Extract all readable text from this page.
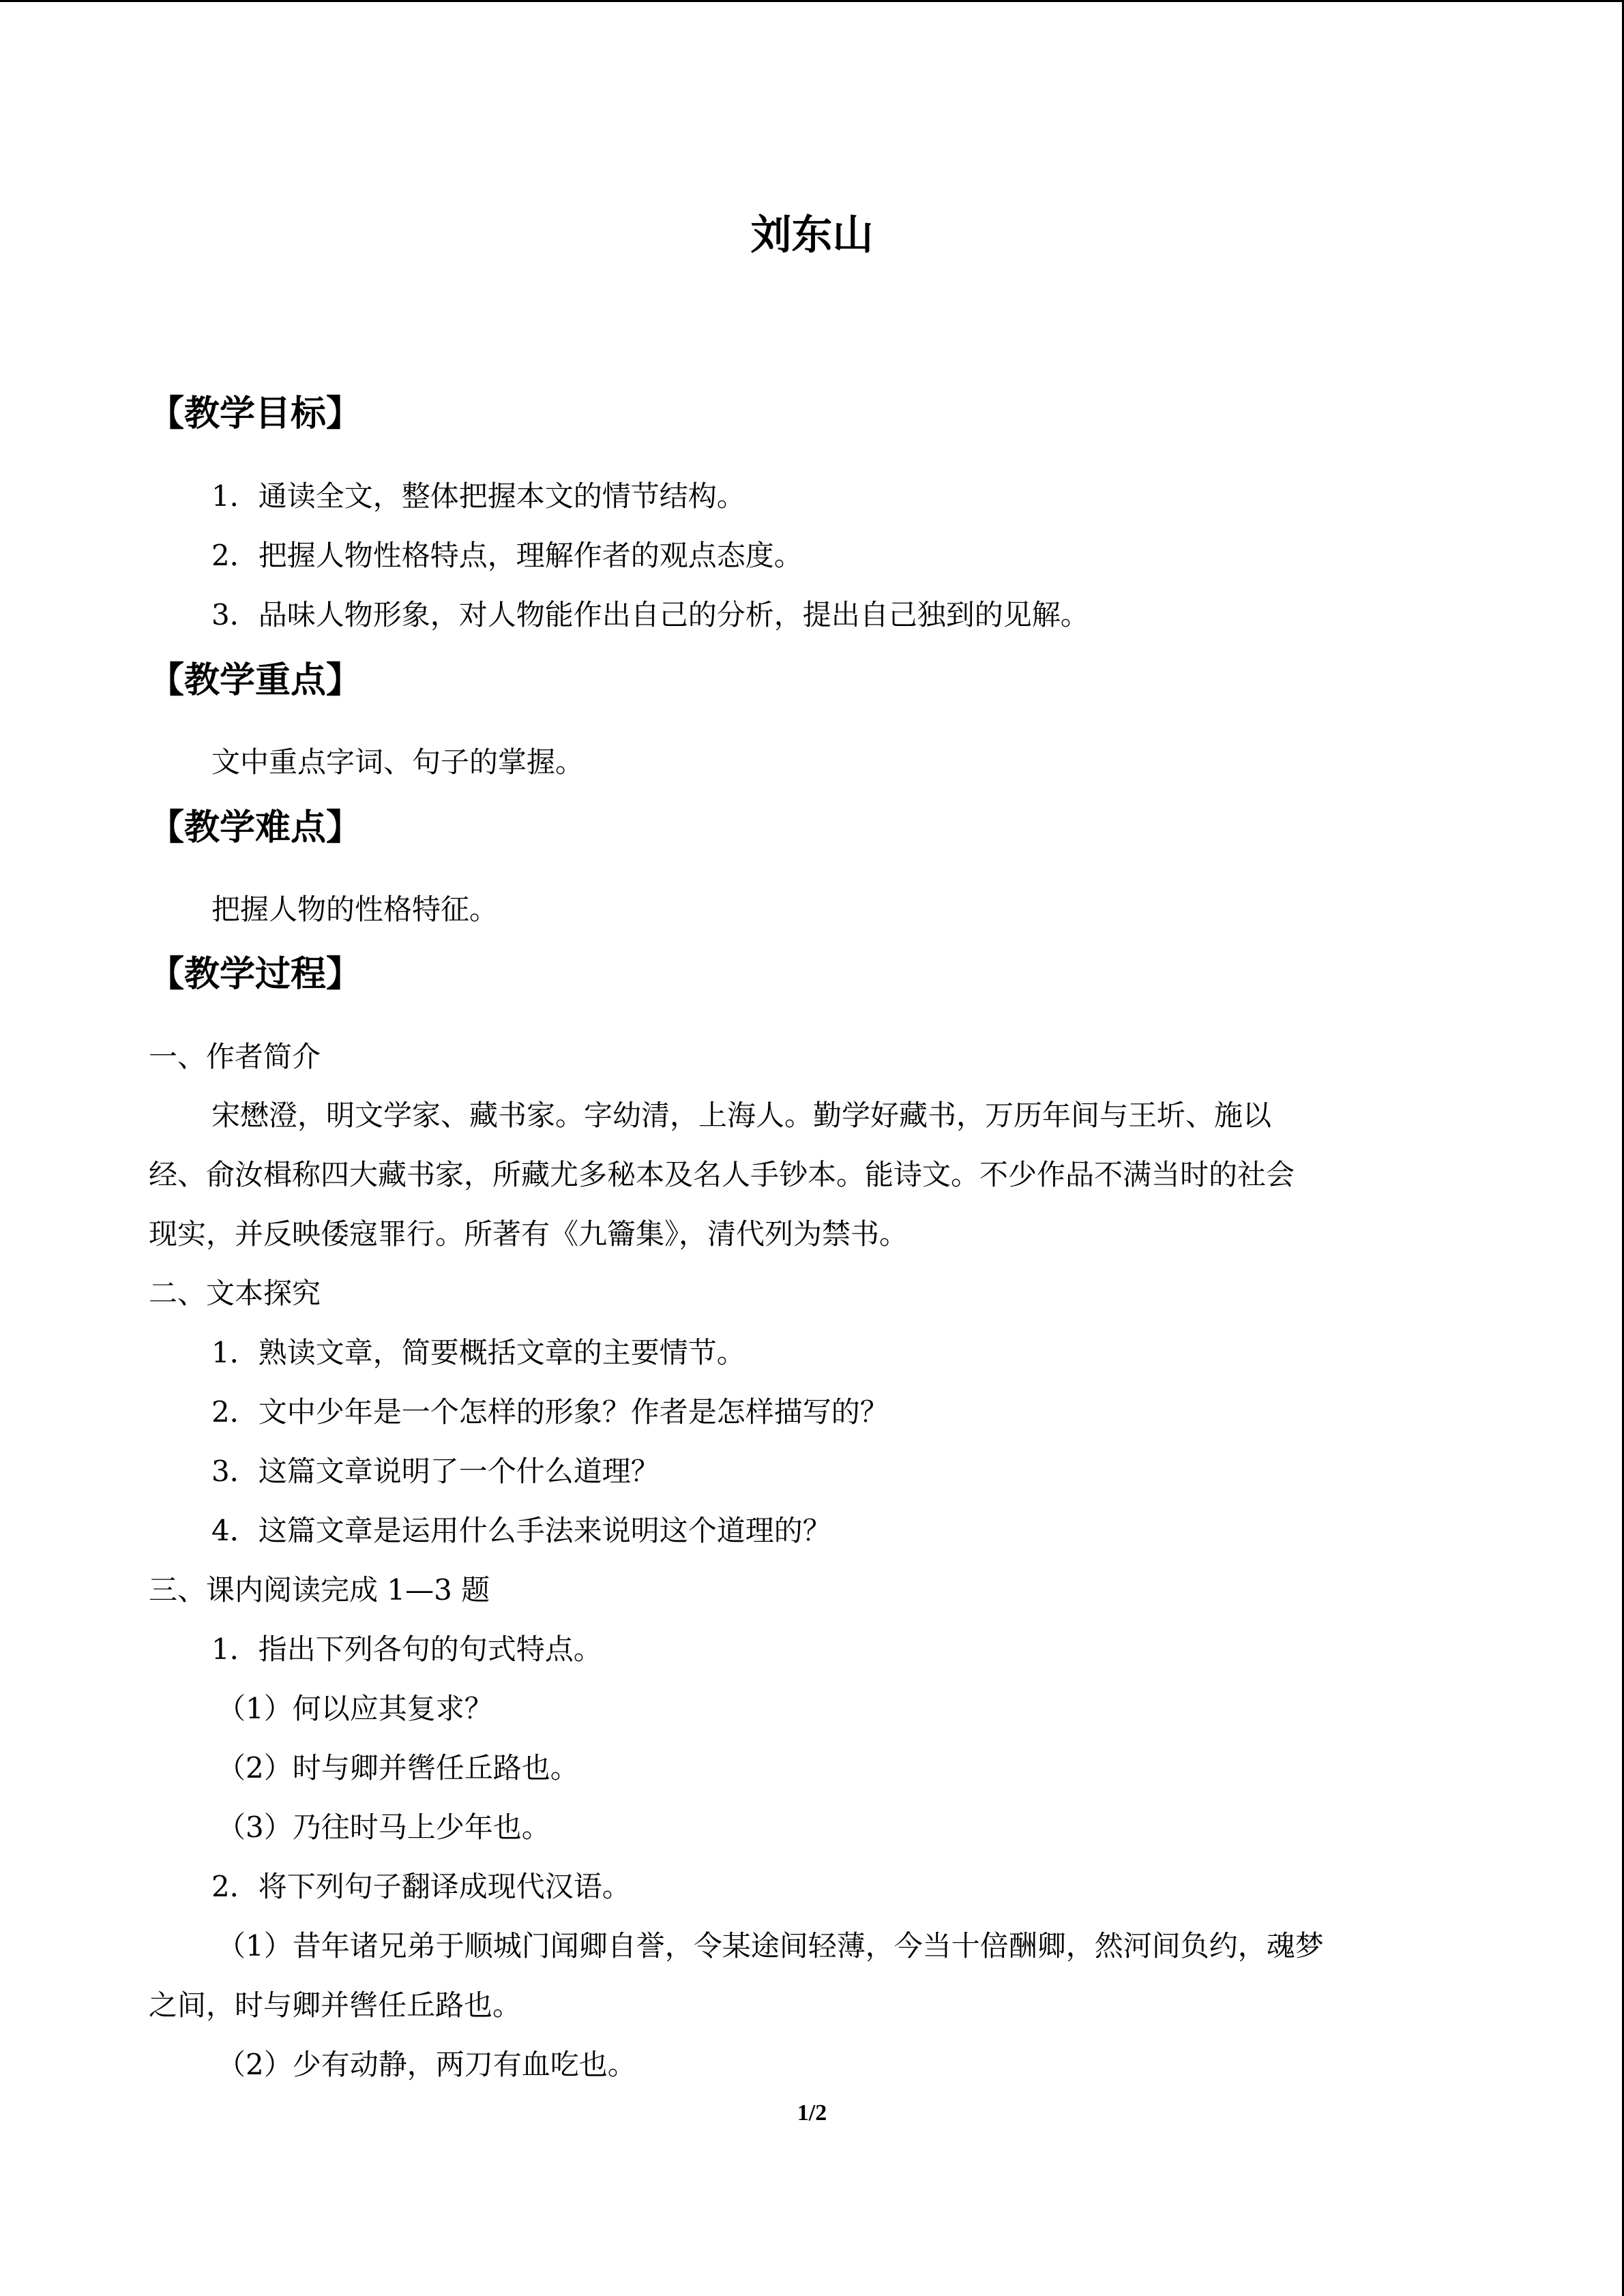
刘东山
【教学目标】

1．通读全文，整体把握本文的情节结构。

2．把握人物性格特点，理解作者的观点态度。

3．品味人物形象，对人物能作出自己的分析，提出自己独到的见解。

【教学重点】

文中重点字词、句子的掌握。

【教学难点】

把握人物的性格特征。

【教学过程】

一、作者简介

宋懋澄，明文学家、藏书家。字幼清，上海人。勤学好藏书，万历年间与王圻、施以

经、俞汝楫称四大藏书家，所藏尤多秘本及名人手钞本。能诗文。不少作品不满当时的社会

现实，并反映倭寇罪行。所著有《九籥集》，清代列为禁书。

二、文本探究

1．熟读文章，简要概括文章的主要情节。

2．文中少年是一个怎样的形象？作者是怎样描写的？

3．这篇文章说明了一个什么道理？

4．这篇文章是运用什么手法来说明这个道理的？

三、课内阅读完成 1—3 题

1．指出下列各句的句式特点。

（1）何以应其复求？

（2）时与卿并辔任丘路也。

（3）乃往时马上少年也。

2．将下列句子翻译成现代汉语。

（1）昔年诸兄弟于顺城门闻卿自誉，令某途间轻薄，今当十倍酬卿，然河间负约，魂梦

之间，时与卿并辔任丘路也。

（2）少有动静，两刀有血吃也。

1/2
